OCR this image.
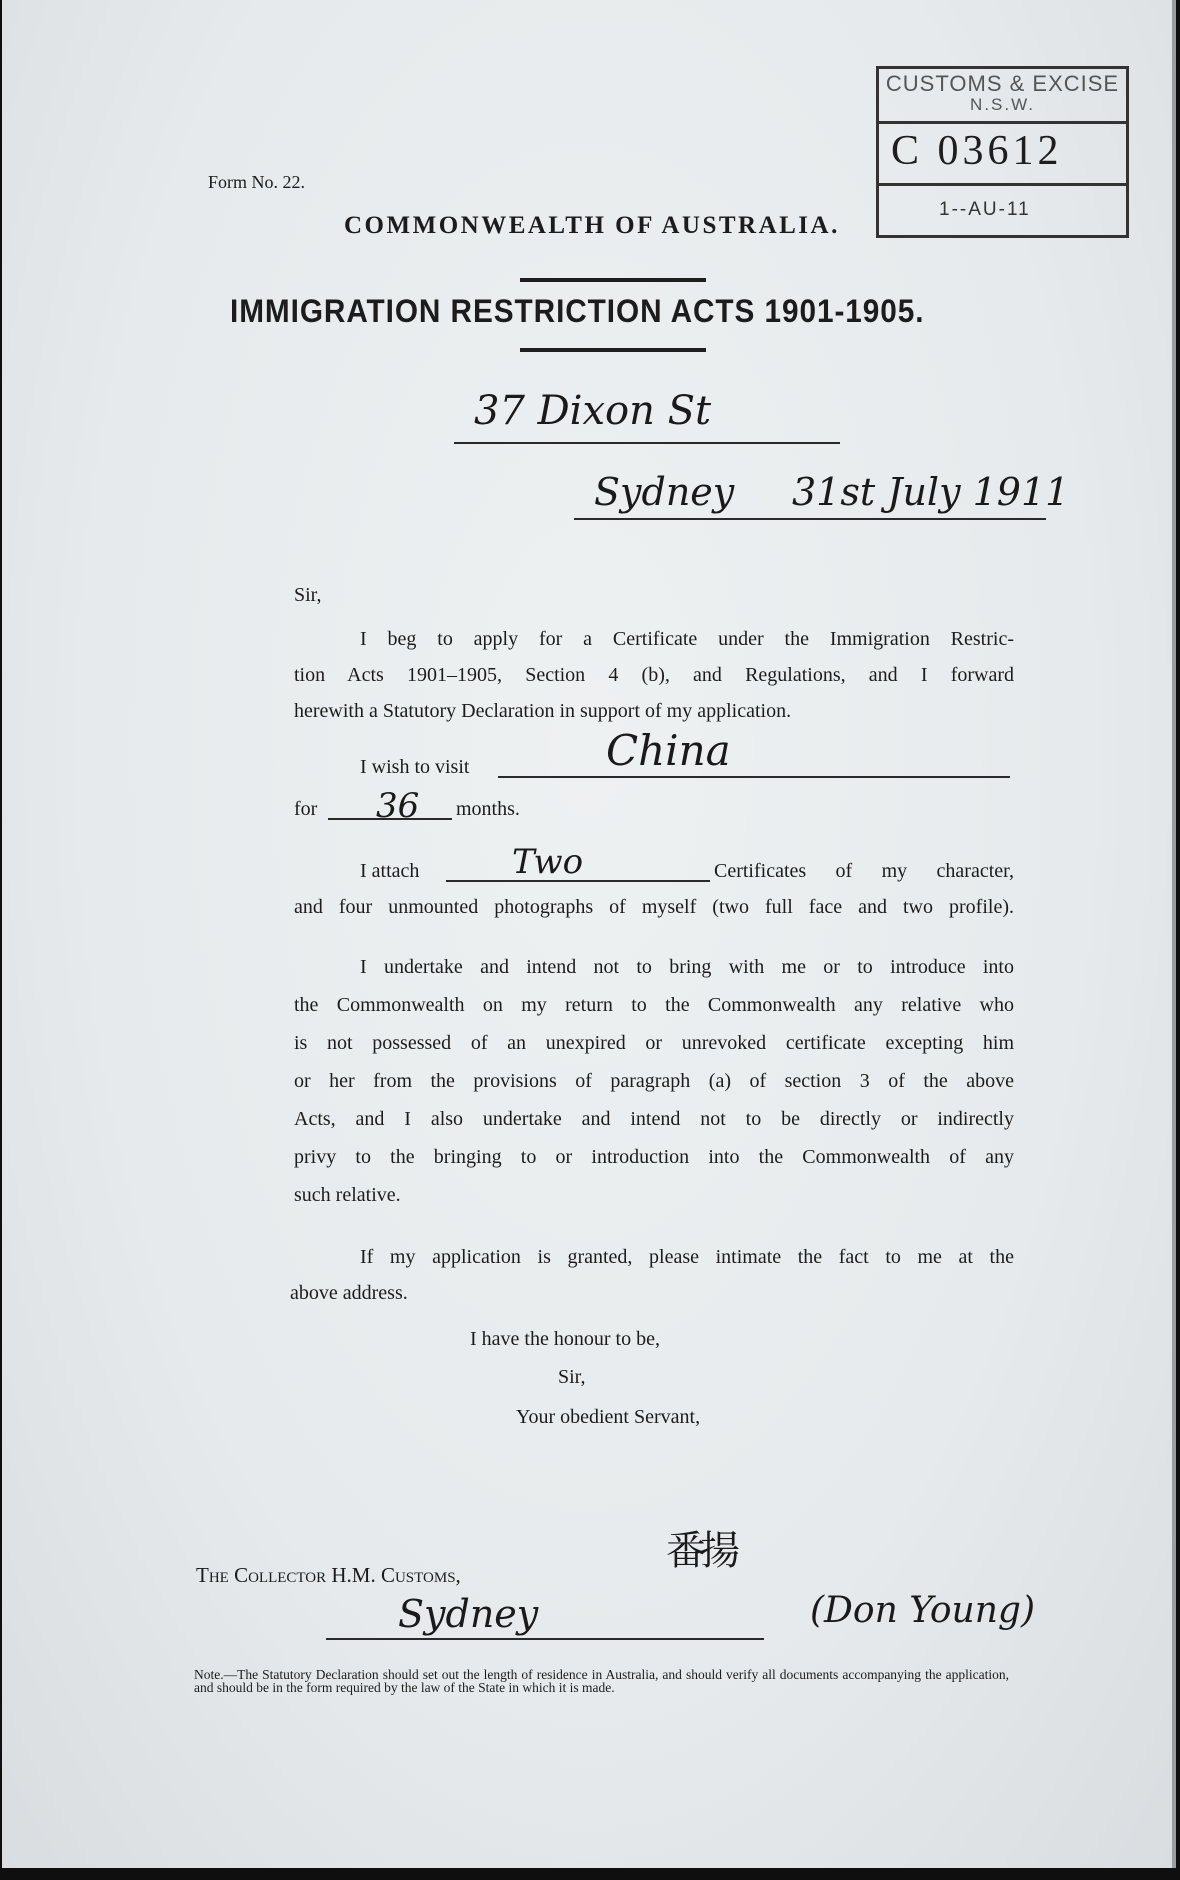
CUSTOMS & EXCISE
N.S.W.
C 03612
1--AU-11
Form No. 22.
COMMONWEALTH OF AUSTRALIA.
IMMIGRATION RESTRICTION ACTS 1901-1905.
37 Dixon St
Sydney 31st July 1911
Sir,
I beg to apply for a Certificate under the Immigration Restric-
tion Acts 1901–1905, Section 4 (b), and Regulations, and I forward
herewith a Statutory Declaration in support of my application.
I wish to visit	China
for 36 months.
I attach	Two	Certificates of my character,
and four unmounted photographs of myself (two full face and two profile).
I undertake and intend not to bring with me or to introduce into
the Commonwealth on my return to the Commonwealth any relative who
is not possessed of an unexpired or unrevoked certificate excepting him
or her from the provisions of paragraph (a) of section 3 of the above
Acts, and I also undertake and intend not to be directly or indirectly
privy to the bringing to or introduction into the Commonwealth of any
such relative.
If my application is granted, please intimate the fact to me at the
above address.
I have the honour to be,
Sir,
Your obedient Servant,
The Collector H.M. Customs,
Sydney
番揚
(Don Young)
Note.—The Statutory Declaration should set out the length of residence in Australia, and should verify all documents accompanying the application, and should be in the form required by the law of the State in which it is made.
